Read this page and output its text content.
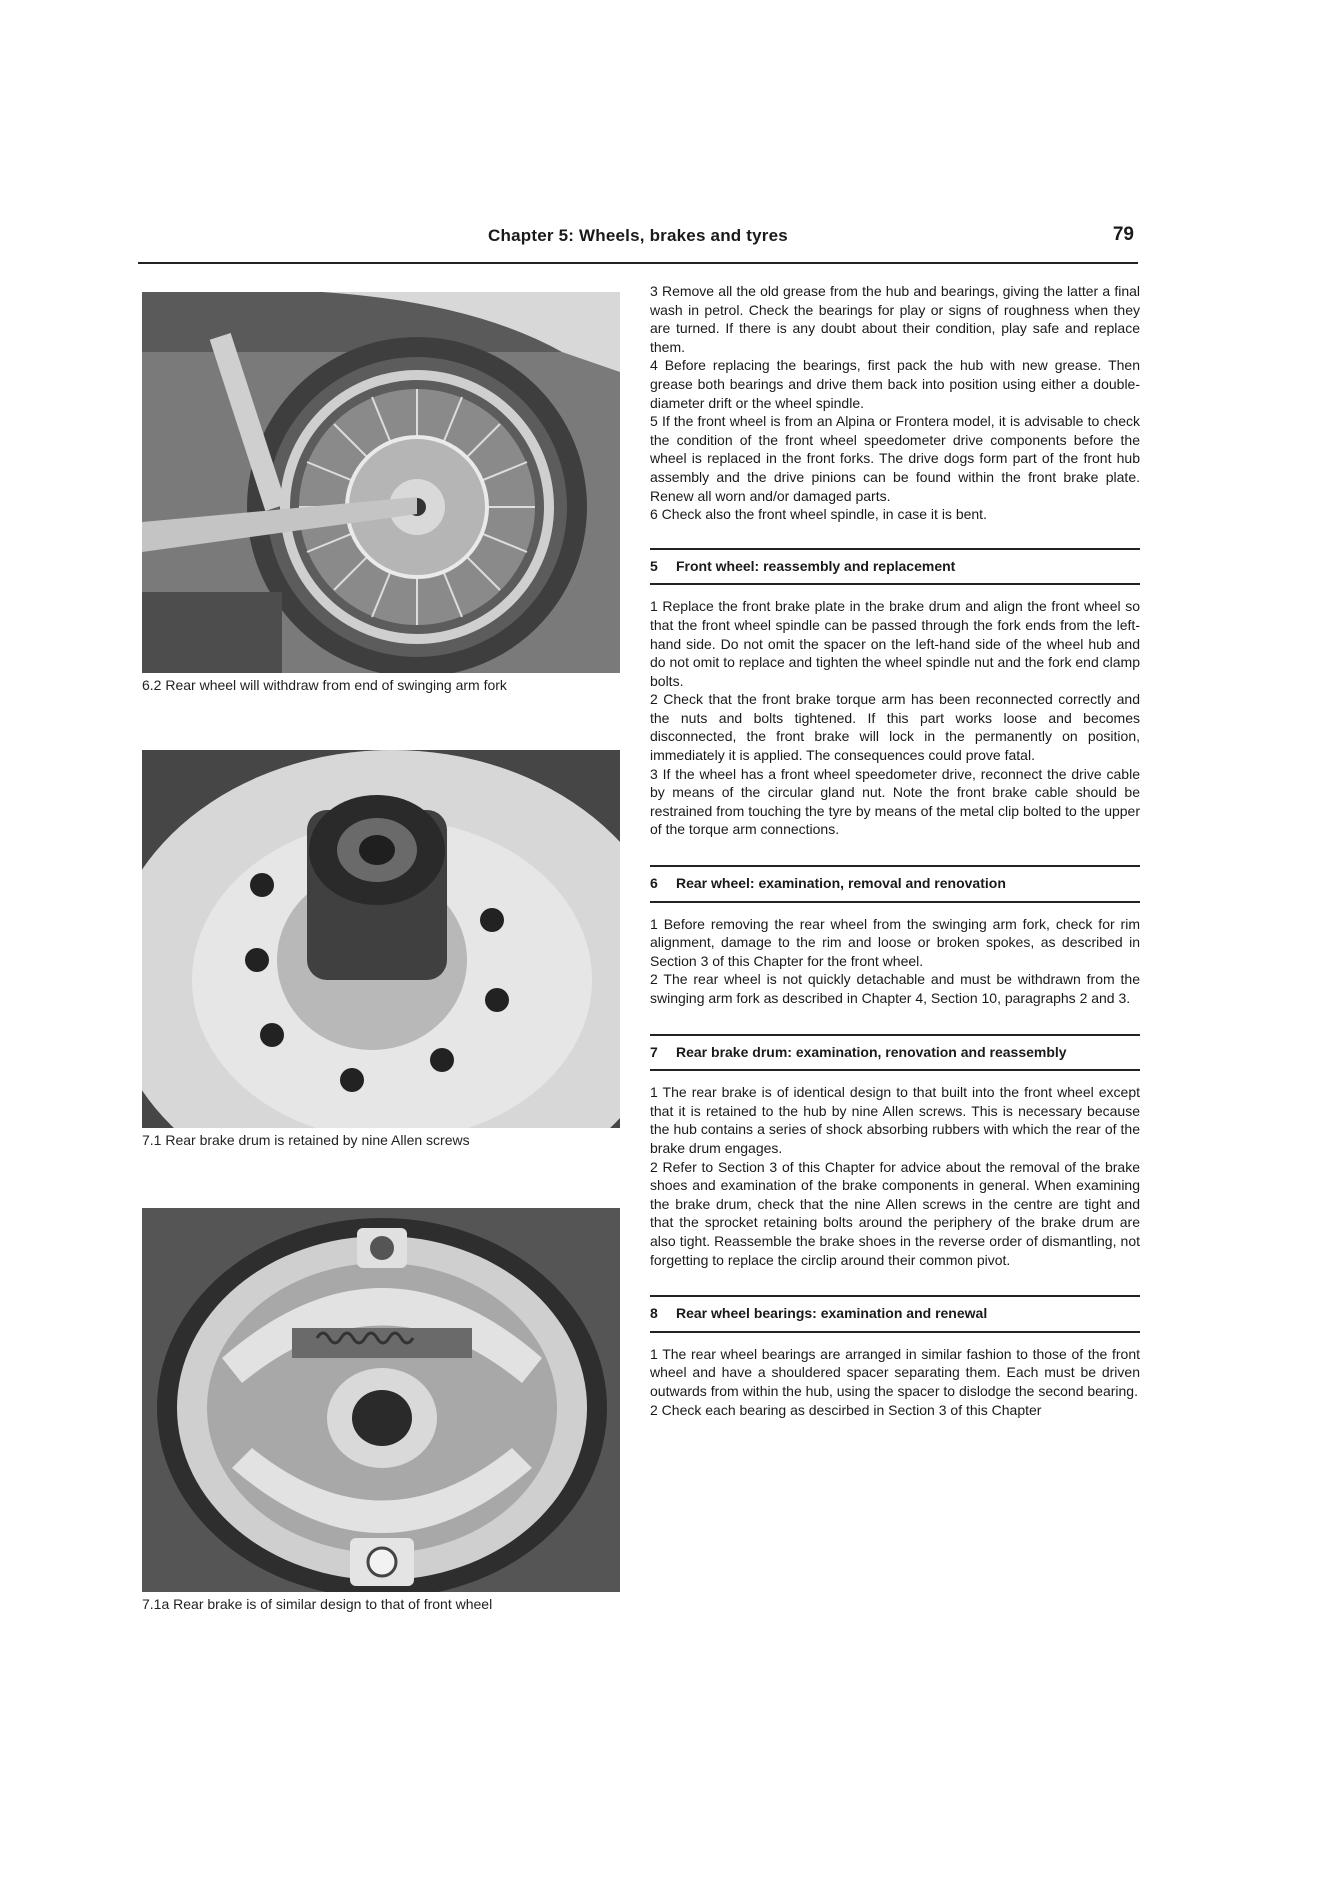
Chapter 5: Wheels, brakes and tyres	79
6.2 Rear wheel will withdraw from end of swinging arm fork
7.1 Rear brake drum is retained by nine Allen screws
7.1a Rear brake is of similar design to that of front wheel

3 Remove all the old grease from the hub and bearings, giving the latter a final wash in petrol. Check the bearings for play or signs of roughness when they are turned. If there is any doubt about their condition, play safe and replace them.

4 Before replacing the bearings, first pack the hub with new grease. Then grease both bearings and drive them back into position using either a double-diameter drift or the wheel spindle.

5 If the front wheel is from an Alpina or Frontera model, it is advisable to check the condition of the front wheel speedometer drive components before the wheel is replaced in the front forks. The drive dogs form part of the front hub assembly and the drive pinions can be found within the front brake plate. Renew all worn and/or damaged parts.

6 Check also the front wheel spindle, in case it is bent.

5 Front wheel: reassembly and replacement

1 Replace the front brake plate in the brake drum and align the front wheel so that the front wheel spindle can be passed through the fork ends from the left-hand side. Do not omit the spacer on the left-hand side of the wheel hub and do not omit to replace and tighten the wheel spindle nut and the fork end clamp bolts.

2 Check that the front brake torque arm has been reconnected correctly and the nuts and bolts tightened. If this part works loose and becomes disconnected, the front brake will lock in the permanently on position, immediately it is applied. The consequences could prove fatal.

3 If the wheel has a front wheel speedometer drive, reconnect the drive cable by means of the circular gland nut. Note the front brake cable should be restrained from touching the tyre by means of the metal clip bolted to the upper of the torque arm connections.

6 Rear wheel: examination, removal and renovation

1 Before removing the rear wheel from the swinging arm fork, check for rim alignment, damage to the rim and loose or broken spokes, as described in Section 3 of this Chapter for the front wheel.

2 The rear wheel is not quickly detachable and must be withdrawn from the swinging arm fork as described in Chapter 4, Section 10, paragraphs 2 and 3.

7 Rear brake drum: examination, renovation and reassembly

1 The rear brake is of identical design to that built into the front wheel except that it is retained to the hub by nine Allen screws. This is necessary because the hub contains a series of shock absorbing rubbers with which the rear of the brake drum engages.

2 Refer to Section 3 of this Chapter for advice about the removal of the brake shoes and examination of the brake components in general. When examining the brake drum, check that the nine Allen screws in the centre are tight and that the sprocket retaining bolts around the periphery of the brake drum are also tight. Reassemble the brake shoes in the reverse order of dismantling, not forgetting to replace the circlip around their common pivot.

8 Rear wheel bearings: examination and renewal

1 The rear wheel bearings are arranged in similar fashion to those of the front wheel and have a shouldered spacer separating them. Each must be driven outwards from within the hub, using the spacer to dislodge the second bearing.

2 Check each bearing as descirbed in Section 3 of this Chapter
